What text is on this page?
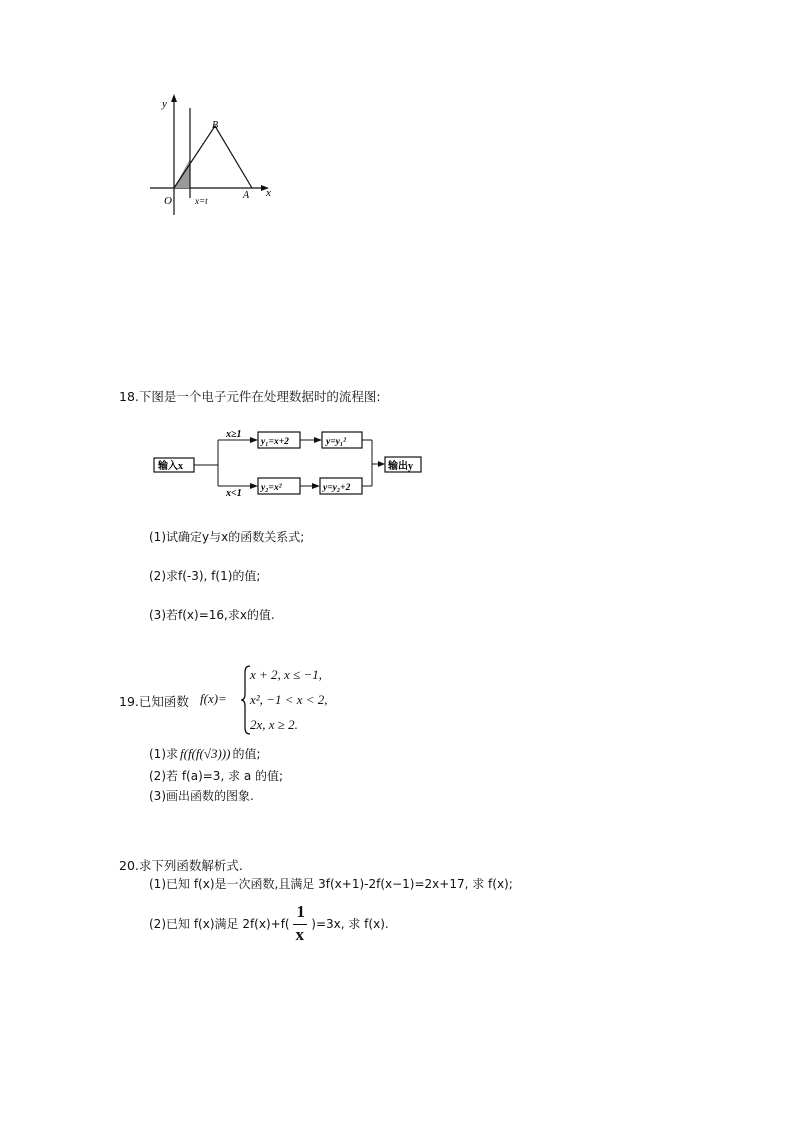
y
B
x
O	A
x=t
18.下图是一个电子元件在处理数据时的流程图:
输入x
x≥1
x<1
y₁=x+2	y=y₁²
y₂=x²	y=y₂+2
输出y
(1)试确定y与x的函数关系式;
(2)求f(-3), f(1)的值;
(3)若f(x)=16,求x的值.
19.已知函数 f(x)=
x + 2, x ≤ −1,
x², −1 < x < 2,
2x, x ≥ 2.
(1)求 f(f(f(√3))) 的值;
(2)若 f(a)=3, 求 a 的值;
(3)画出函数的图象.
20.求下列函数解析式.
(1)已知 f(x)是一次函数,且满足 3f(x+1)-2f(x−1)=2x+17, 求 f(x);
(2)已知 f(x)满足 $2f(x)+f( \frac{1}{x} )=3x$, 求 f(x).
